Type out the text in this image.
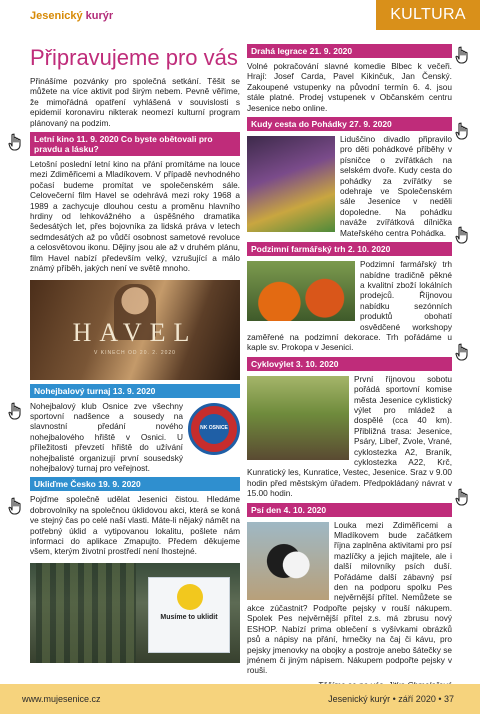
Jesenický kurýr	KULTURA
Připravujeme pro vás

Přinášíme pozvánky pro společná setkání. Těšit se můžete na více aktivit pod širým nebem. Pevně věříme, že mimořádná opatření vyhlášená v souvislosti s epidemií koronaviru nikterak neomezí kulturní program plánovaný na podzim.

Letní kino 11. 9. 2020 Co byste obětovali pro pravdu a lásku?

Letošní poslední letní kino na přání promítáme na louce mezi Zdiměřicemi a Mladíkovem. V případě nevhodného počasí budeme promítat ve společenském sále. Celovečerní film Havel se odehrává mezi roky 1968 a 1989 a zachycuje dlouhou cestu a proměnu hlavního hrdiny od lehkovážného a úspěšného dramatika šedesátých let, přes bojovníka za lidská práva v letech sedmdesátých až po vůdčí osobnost sametové revoluce a celosvětovou ikonu. Dějiny jsou ale až v druhém plánu, film Havel nabízí především velký, vzrušující a málo známý příběh, jakých není ve světě mnoho.

HAVEL
V KINECH OD 20. 2. 2020
Nohejbalový turnaj 13. 9. 2020

Nohejbalový klub Osnice zve všechny sportovní nadšence a sousedy na slavnostní předání nového nohejbalového hřiště v Osnici. U příležitosti převzetí hřiště do užívání nohejbalisté organizují první sousedský nohejbalový turnaj pro veřejnost.

NK OSNICE
Ukliďme Česko 19. 9. 2020

Pojďme společně udělat Jesenici čistou. Hledáme dobrovolníky na společnou úklidovou akci, která se koná ve stejný čas po celé naší vlasti. Máte-li nějaký námět na potřebný úklid a vytipovanou lokalitu, pošlete nám informaci do aplikace Zmapujto. Předem děkujeme všem, kterým životní prostředí není lhostejné.

Musíme to uklidit
Drahá legrace 21. 9. 2020

Volné pokračování slavné komedie Blbec k večeři. Hrají: Josef Carda, Pavel Kikinčuk, Jan Čenský. Zakoupené vstupenky na původní termín 6. 4. jsou stále platné. Prodej vstupenek v Občanském centru Jesenice nebo online.

Kudy cesta do Pohádky 27. 9. 2020

Liduščino divadlo připravilo pro děti pohádkové příběhy v písničce o zvířátkách na selském dvoře. Kudy cesta do pohádky za zvířátky se odehraje ve Společenském sále Jesenice v neděli dopoledne. Na pohádku naváže zvířátková dílnička Mateřského centra Pohádka.

Podzimní farmářský trh 2. 10. 2020

Podzimní farmářský trh nabídne tradičně pěkné a kvalitní zboží lokálních prodejců. Říjnovou nabídku sezónních produktů obohatí osvědčené workshopy zaměřené na podzimní dekorace. Trh pořádáme u kaple sv. Prokopa v Jesenici.

Cyklovýlet 3. 10. 2020

První říjnovou sobotu pořádá sportovní komise města Jesenice cyklistický výlet pro mládež a dospělé (cca 40 km). Přibližná trasa: Jesenice, Psáry, Libeř, Zvole, Vrané, cyklostezka A2, Braník, cyklostezka A22, Krč, Kunratický les, Kunratice, Vestec, Jesenice. Sraz v 9.00 hodin před městským úřadem. Předpokládaný návrat v 15.00 hodin.

Psí den 4. 10. 2020

Louka mezi Zdiměřicemi a Mladíkovem bude začátkem října zaplněna aktivitami pro psí mazlíčky a jejich majitele, ale i další milovníky psích duší. Pořádáme další zábavný psí den na podporu spolku Pes nejvěrnější přítel. Nemůžete se akce zúčastnit? Podpořte pejsky v rouší nákupem. Spolek Pes nejvěrnější přítel z.s. má zbrusu nový ESHOP. Nabízí prima oblečení s vyšívkami obrázků psů a nápisy na přání, hrnečky na čaj či kávu, pro pejsky jmenovky na obojky a postroje anebo šátečky se jménem či jiným nápisem. Nákupem podpořte pejsky v rouši.

www.mujesenice.cz	Jesenický kurýr • září 2020 • 37
